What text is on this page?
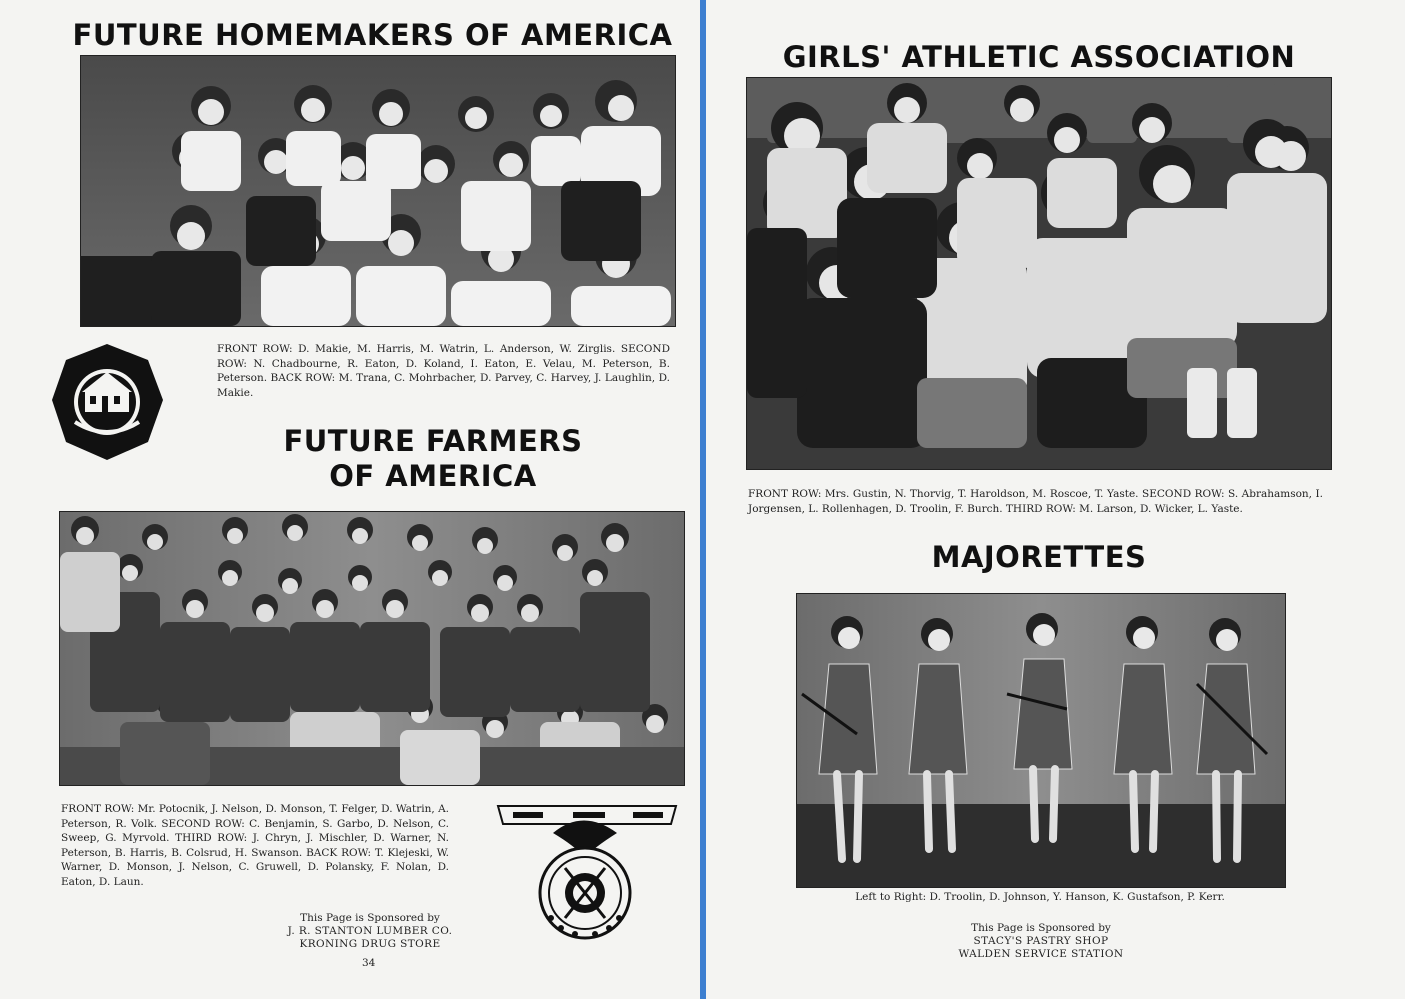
FUTURE HOMEMAKERS OF AMERICA

FRONT ROW: D. Makie, M. Harris, M. Watrin, L. Anderson, W. Zirglis. SECOND ROW: N. Chadbourne, R. Eaton, D. Koland, I. Eaton, E. Velau, M. Peterson, B. Peterson. BACK ROW: M. Trana, C. Mohrbacher, D. Parvey, C. Harvey, J. Laughlin, D. Makie.

FUTURE FARMERS
OF AMERICA

FRONT ROW: Mr. Potocnik, J. Nelson, D. Monson, T. Felger, D. Watrin, A. Peterson, R. Volk. SECOND ROW: C. Benjamin, S. Garbo, D. Nelson, C. Sweep, G. Myrvold. THIRD ROW: J. Chryn, J. Mischler, D. Warner, N. Peterson, B. Harris, B. Colsrud, H. Swanson. BACK ROW: T. Klejeski, W. Warner, D. Monson, J. Nelson, C. Gruwell, D. Polansky, F. Nolan, D. Eaton, D. Laun.

This Page is Sponsored by
J. R. STANTON LUMBER CO.
KRONING DRUG STORE

34
GIRLS' ATHLETIC ASSOCIATION

FRONT ROW: Mrs. Gustin, N. Thorvig, T. Haroldson, M. Roscoe, T. Yaste. SECOND ROW: S. Abrahamson, I. Jorgensen, L. Rollenhagen, D. Troolin, F. Burch. THIRD ROW: M. Larson, D. Wicker, L. Yaste.

MAJORETTES

Left to Right: D. Troolin, D. Johnson, Y. Hanson, K. Gustafson, P. Kerr.

This Page is Sponsored by
STACY'S PASTRY SHOP
WALDEN SERVICE STATION
